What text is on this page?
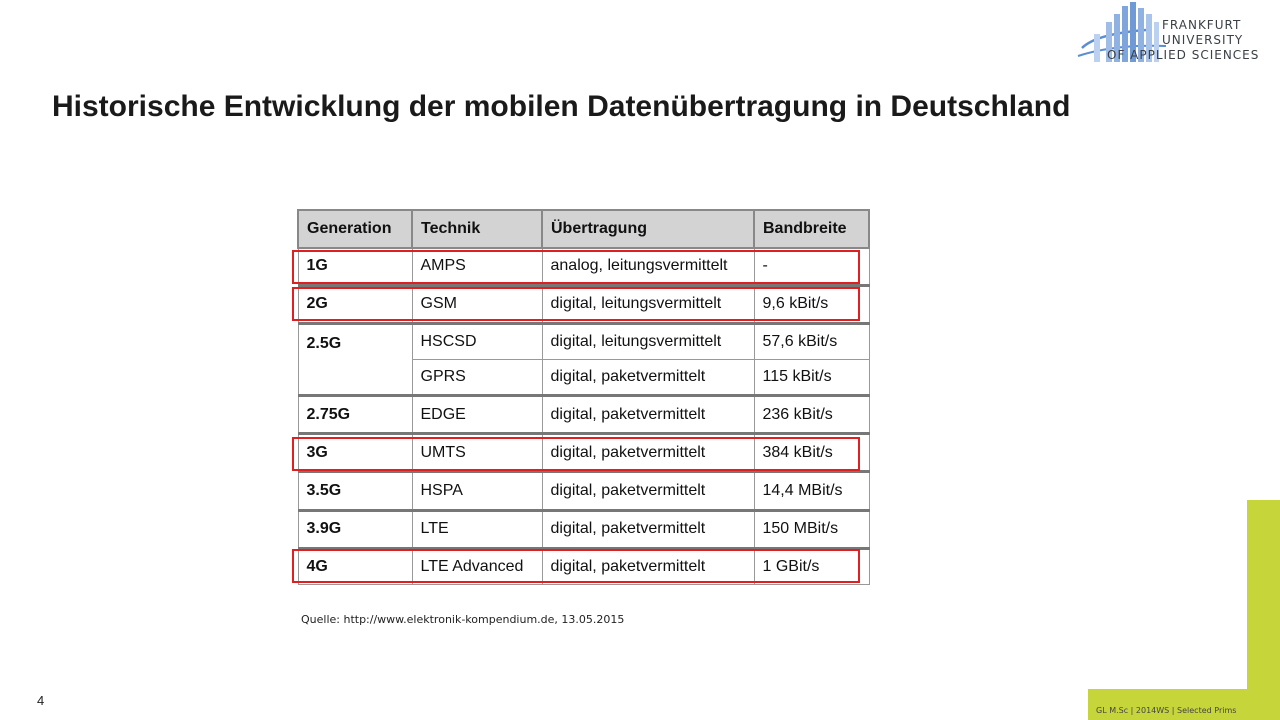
FRANKFURT
UNIVERSITY
OF APPLIED SCIENCES
Historische Entwicklung der mobilen Datenübertragung in Deutschland
Generation	Technik	Übertragung	Bandbreite
1G	AMPS	analog, leitungsvermittelt	-
2G	GSM	digital, leitungsvermittelt	9,6 kBit/s
2.5G	HSCSD	digital, leitungsvermittelt	57,6 kBit/s
	GPRS	digital, paketvermittelt	115 kBit/s
2.75G	EDGE	digital, paketvermittelt	236 kBit/s
3G	UMTS	digital, paketvermittelt	384 kBit/s
3.5G	HSPA	digital, paketvermittelt	14,4 MBit/s
3.9G	LTE	digital, paketvermittelt	150 MBit/s
4G	LTE Advanced	digital, paketvermittelt	1 GBit/s
Quelle: http://www.elektronik-kompendium.de, 13.05.2015
4
GL M.Sc | 2014WS | Selected Prims
